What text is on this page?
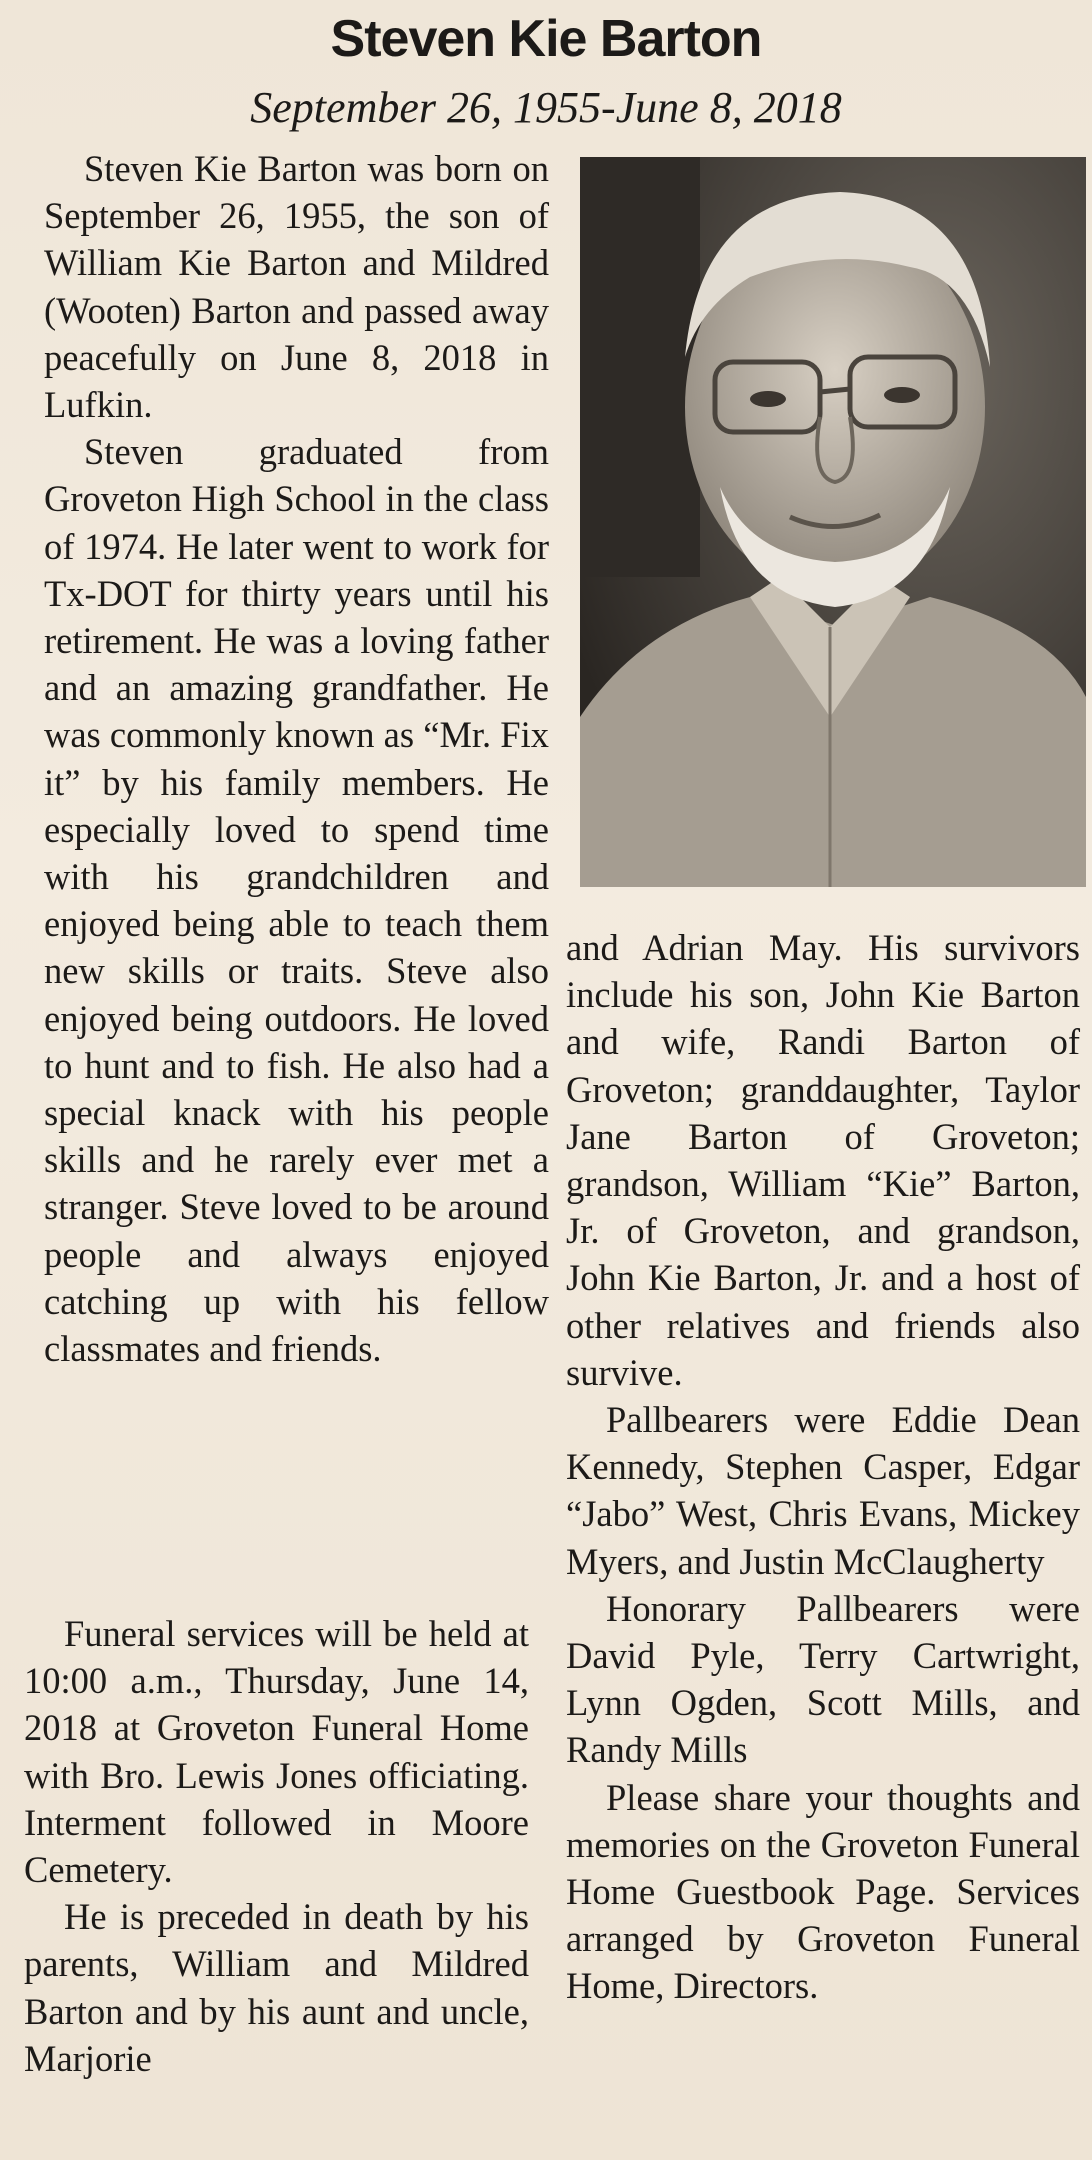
Steven Kie Barton
September 26, 1955-June 8, 2018

Steven Kie Barton was born on September 26, 1955, the son of William Kie Barton and Mildred (Wooten) Barton and passed away peacefully on June 8, 2018 in Lufkin.

Steven graduated from Groveton High School in the class of 1974. He later went to work for Tx-DOT for thirty years until his retirement. He was a loving father and an amazing grandfather. He was commonly known as “Mr. Fix it” by his family members. He especially loved to spend time with his grandchildren and enjoyed being able to teach them new skills or traits. Steve also enjoyed being outdoors. He loved to hunt and to fish. He also had a special knack with his people skills and he rarely ever met a stranger. Steve loved to be around people and always enjoyed catching up with his fellow classmates and friends.

Funeral services will be held at 10:00 a.m., Thursday, June 14, 2018 at Groveton Funeral Home with Bro. Lewis Jones officiating. Interment followed in Moore Cemetery.

He is preceded in death by his parents, William and Mildred Barton and by his aunt and uncle, Marjorie

and Adrian May. His survivors include his son, John Kie Barton and wife, Randi Barton of Groveton; granddaughter, Taylor Jane Barton of Groveton; grandson, William “Kie” Barton, Jr. of Groveton, and grandson, John Kie Barton, Jr. and a host of other relatives and friends also survive.

Pallbearers were Eddie Dean Kennedy, Stephen Casper, Edgar “Jabo” West, Chris Evans, Mickey Myers, and Justin McClaugherty

Honorary Pallbearers were David Pyle, Terry Cartwright, Lynn Ogden, Scott Mills, and Randy Mills

Please share your thoughts and memories on the Groveton Funeral Home Guestbook Page. Services arranged by Groveton Funeral Home, Directors.
